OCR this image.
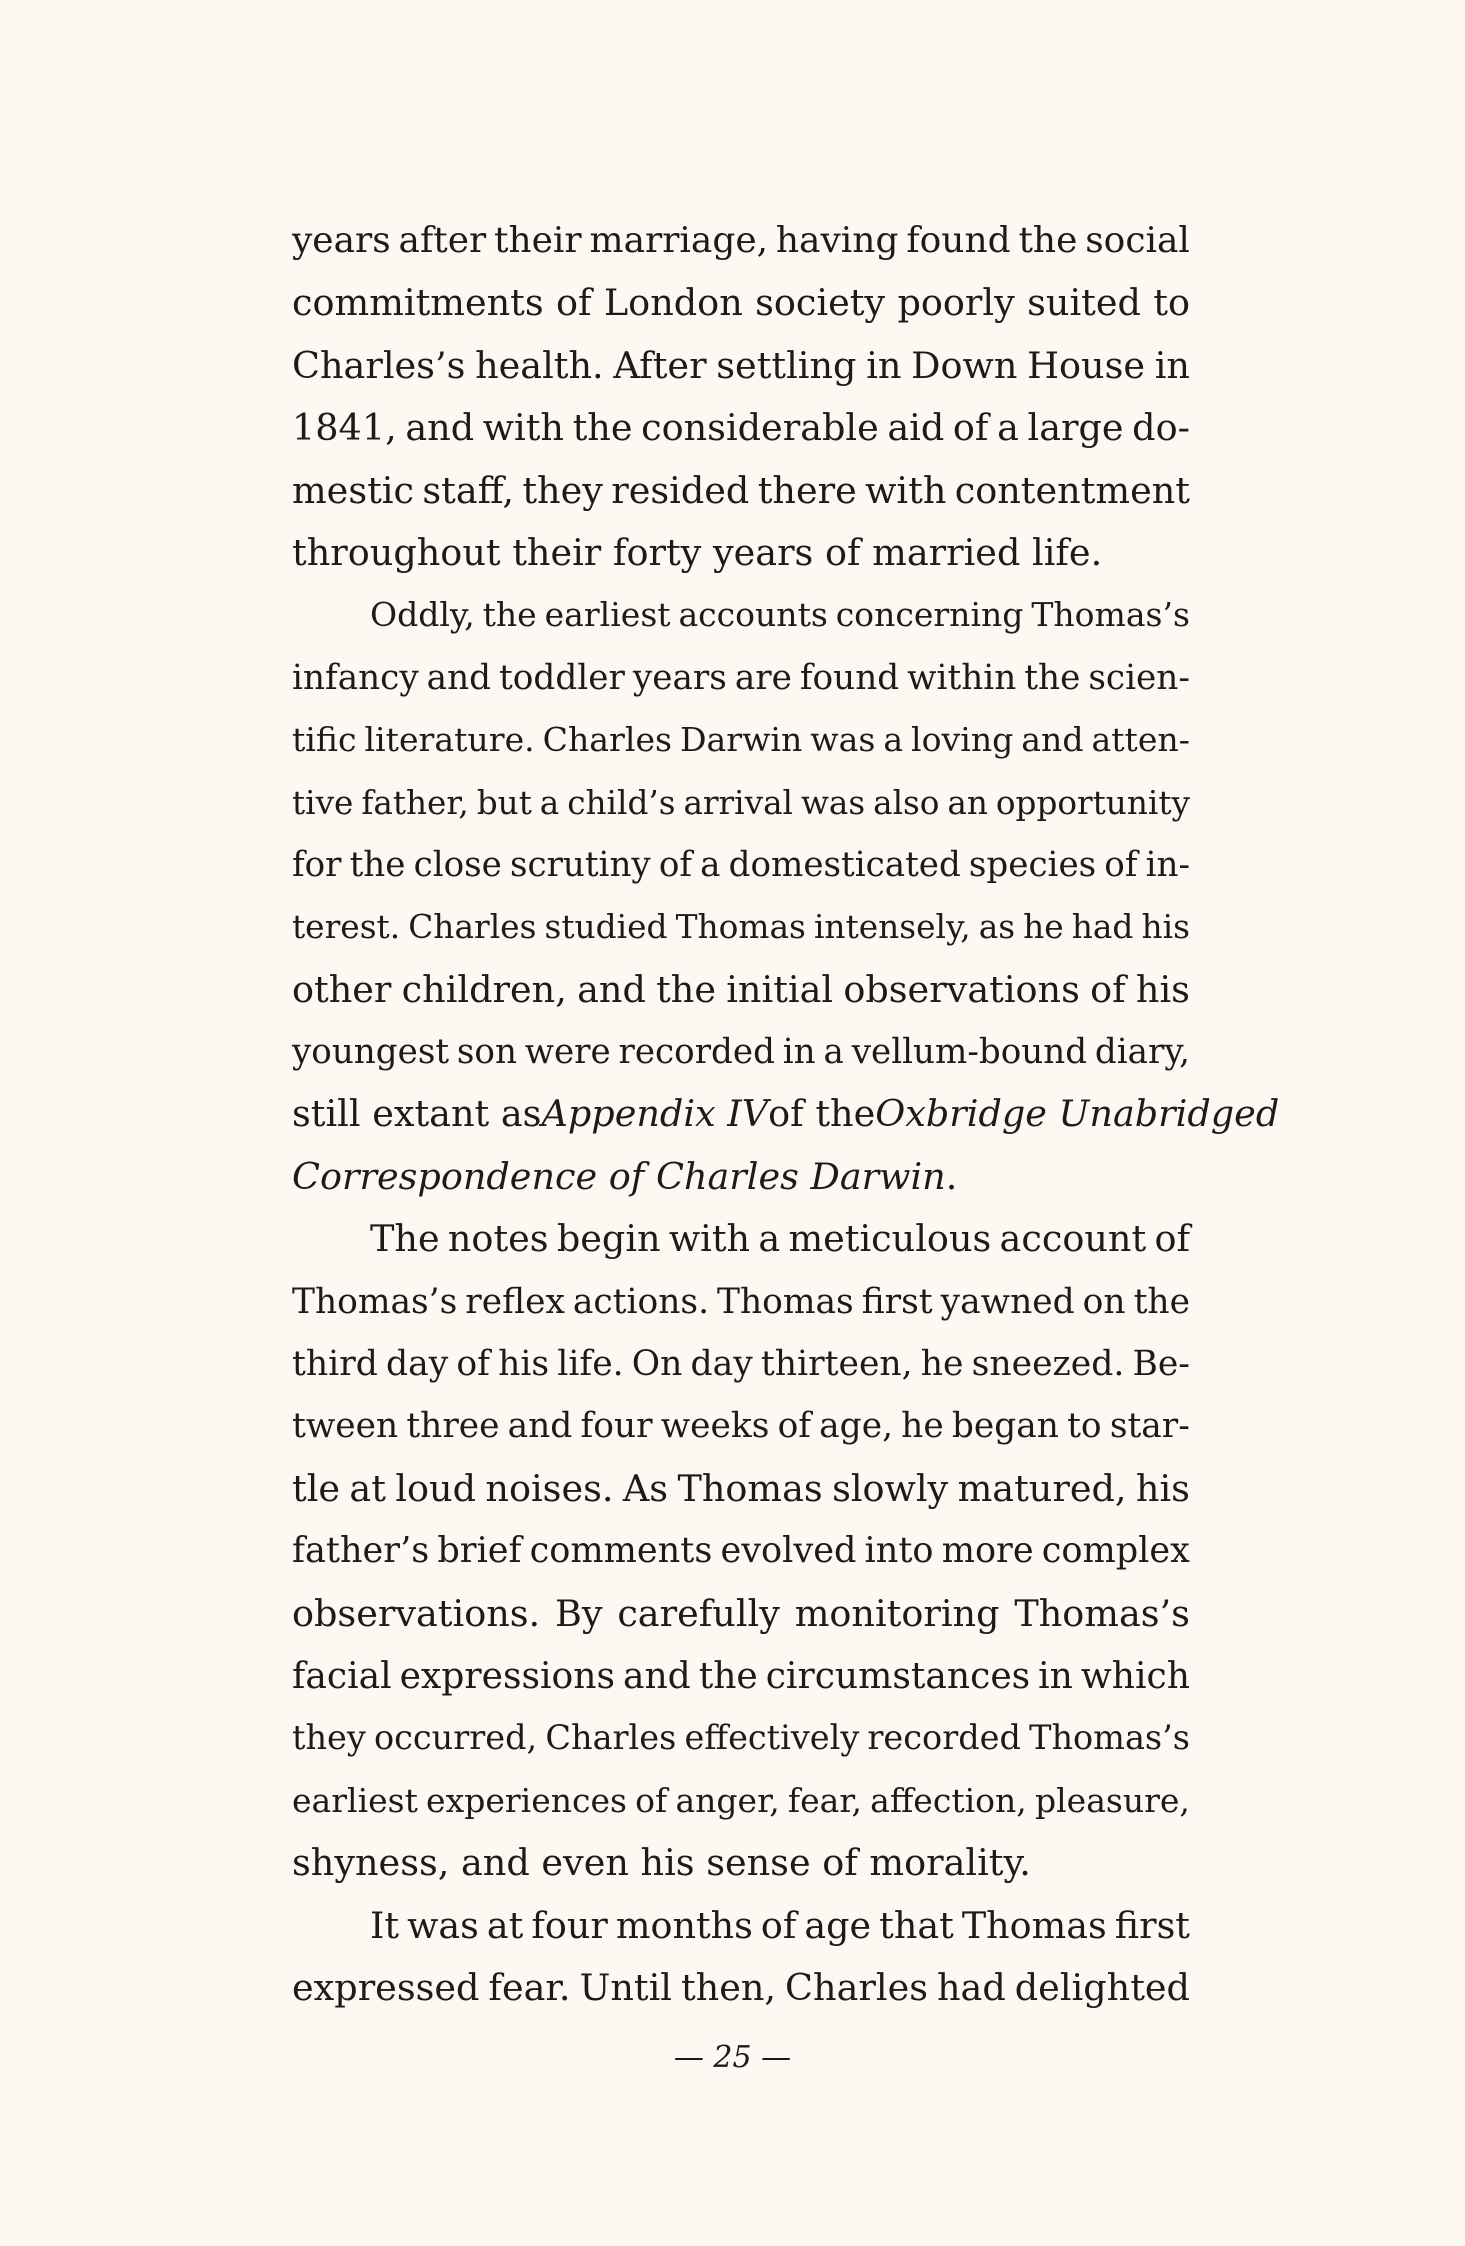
years after their marriage, having found the social
commitments of London society poorly suited to
Charles’s health. After settling in Down House in
1841, and with the considerable aid of a large do-
mestic staff, they resided there with contentment
throughout their forty years of married life.
Oddly, the earliest accounts concerning Thomas’s
infancy and toddler years are found within the scien-
tific literature. Charles Darwin was a loving and atten-
tive father, but a child’s arrival was also an opportunity
for the close scrutiny of a domesticated species of in-
terest. Charles studied Thomas intensely, as he had his
other children, and the initial observations of his
youngest son were recorded in a vellum-bound diary,
still extant asAppendix IVof the Oxbridge Unabridged
Correspondence of Charles Darwin .
The notes begin with a meticulous account of
Thomas’s reflex actions. Thomas first yawned on the
third day of his life. On day thirteen, he sneezed. Be-
tween three and four weeks of age, he began to star-
tle at loud noises. As Thomas slowly matured, his
father’s brief comments evolved into more complex
observations. By carefully monitoring Thomas’s
facial expressions and the circumstances in which
they occurred, Charles effectively recorded Thomas’s
earliest experiences of anger, fear, affection, pleasure,
shyness, and even his sense of morality.
It was at four months of age that Thomas first
expressed fear. Until then, Charles had delighted
— 25 —
